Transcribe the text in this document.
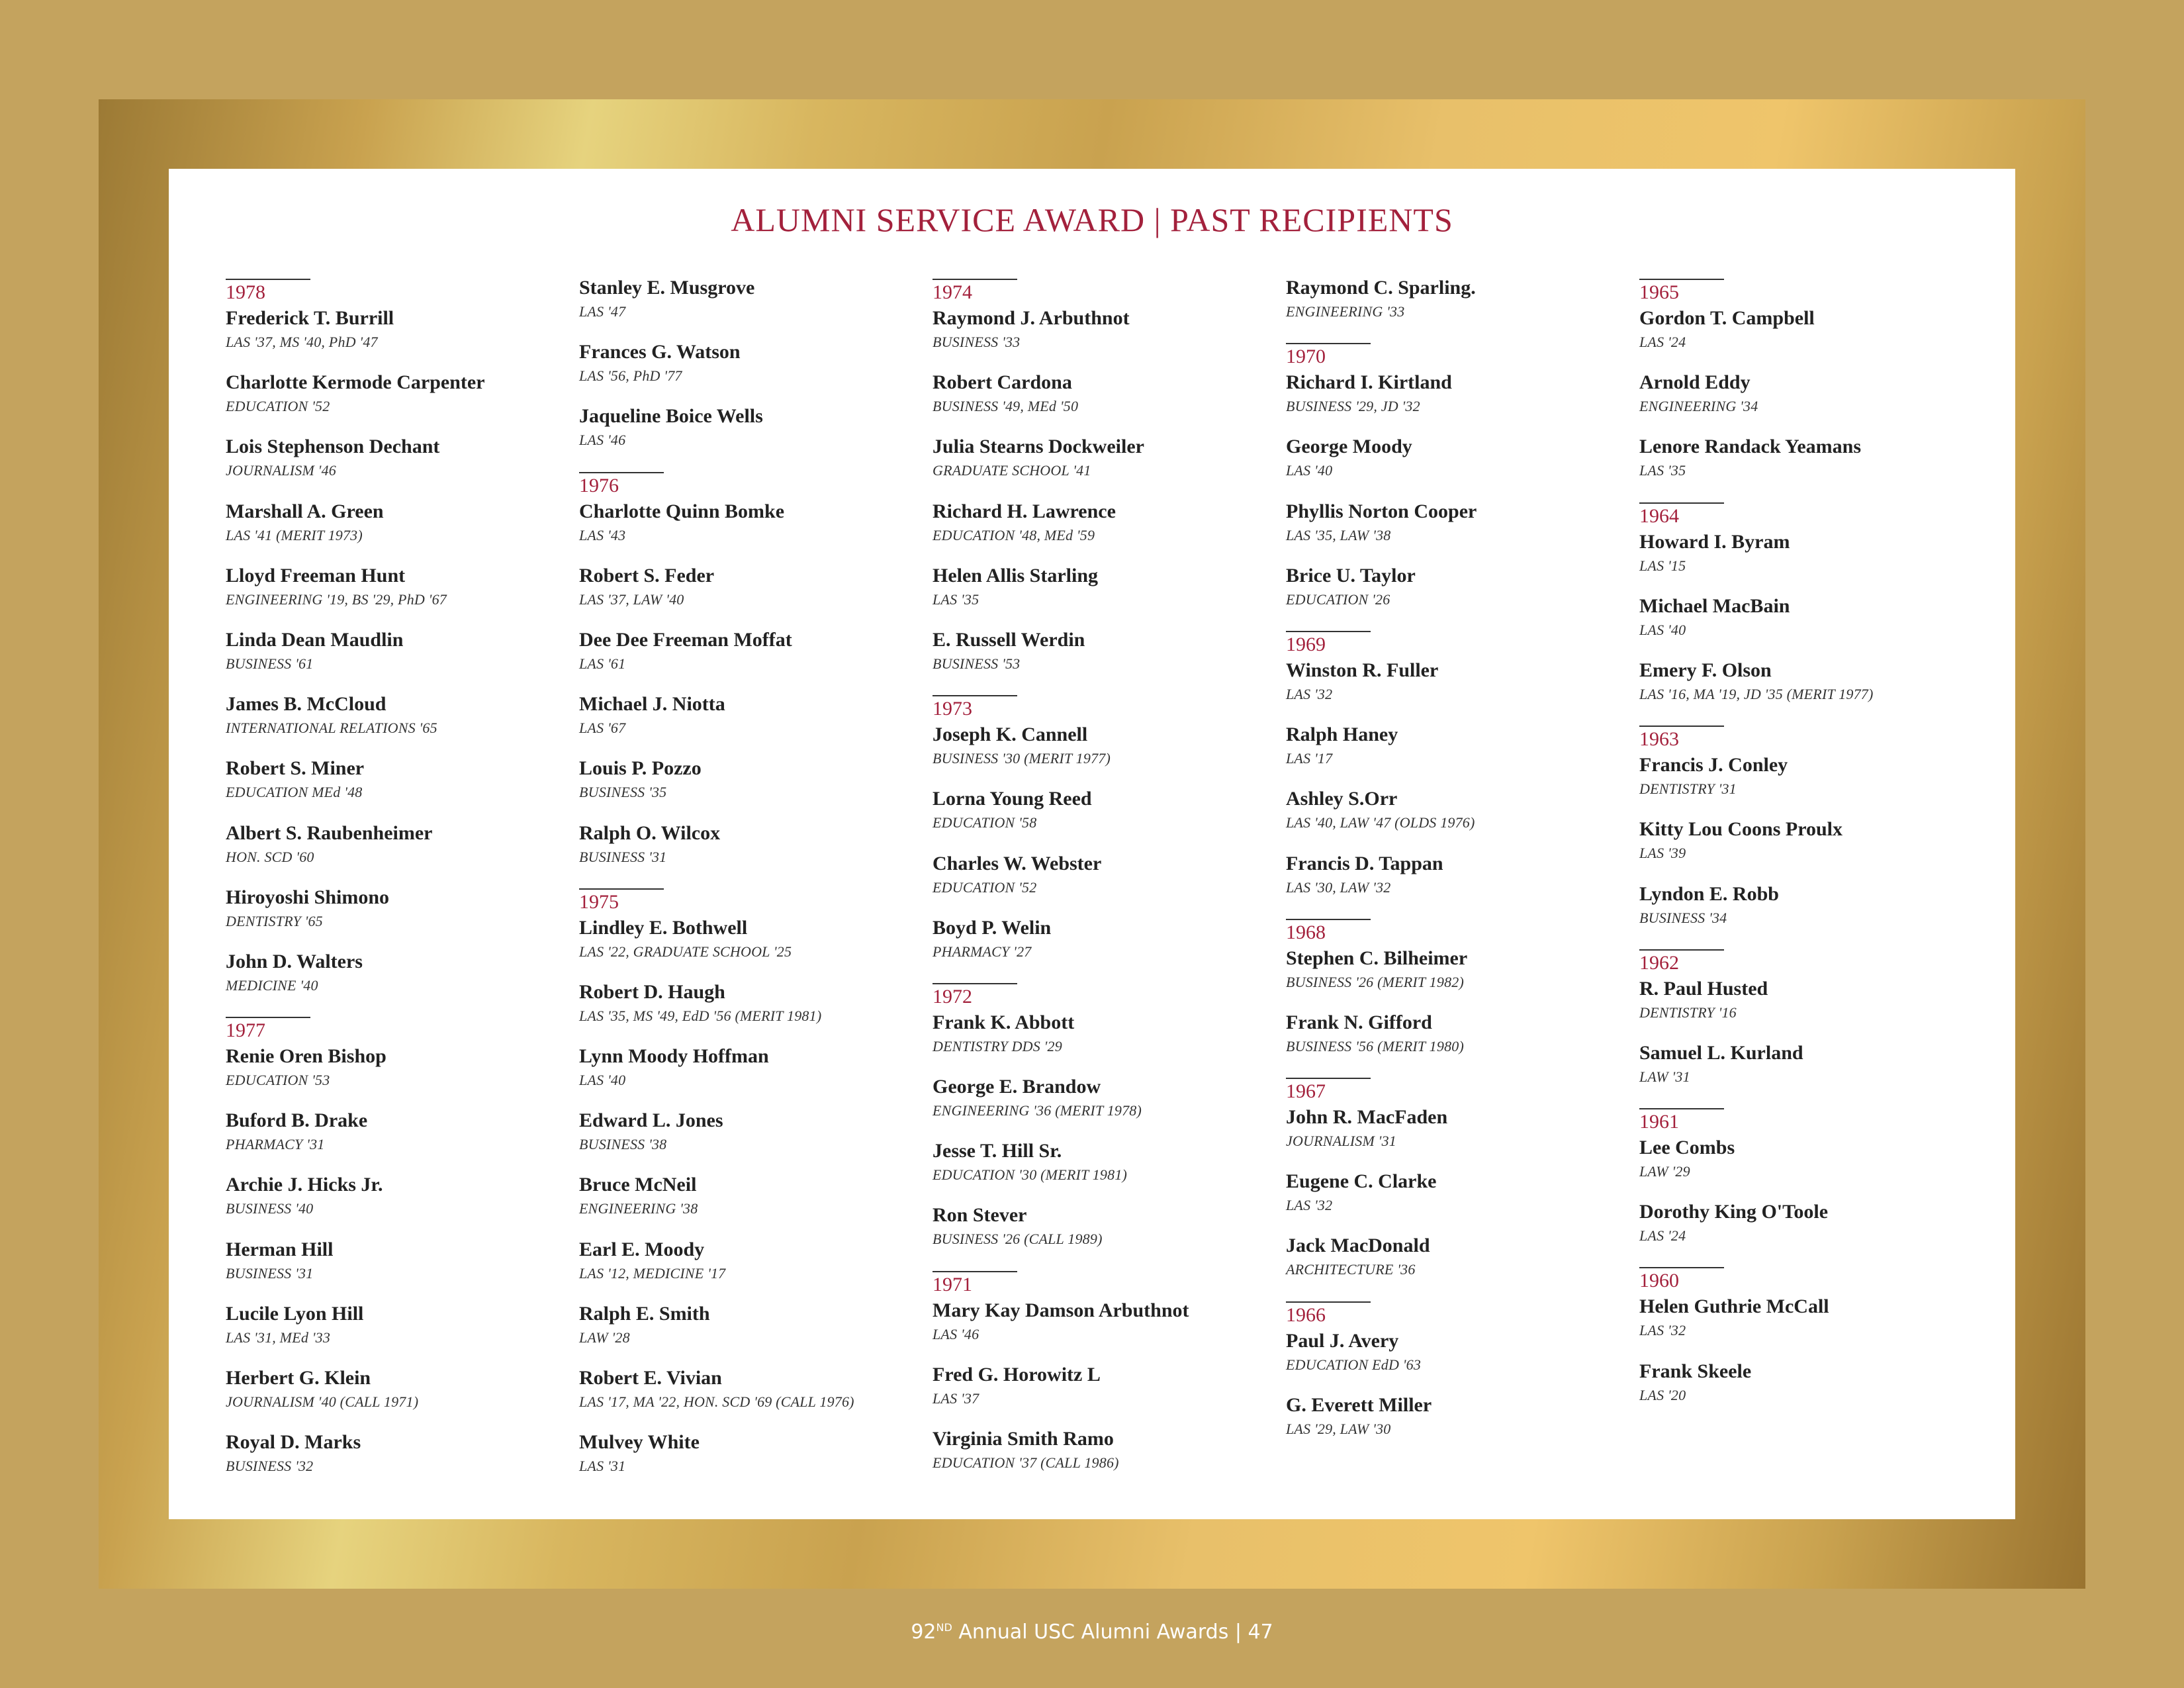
ALUMNI SERVICE AWARD | PAST RECIPIENTS
1978
Frederick T. Burrill
LAS '37, MS '40, PhD '47
Charlotte Kermode Carpenter
EDUCATION '52
Lois Stephenson Dechant
JOURNALISM '46
Marshall A. Green
LAS '41 (MERIT 1973)
Lloyd Freeman Hunt
ENGINEERING '19, BS '29, PhD '67
Linda Dean Maudlin
BUSINESS '61
James B. McCloud
INTERNATIONAL RELATIONS '65
Robert S. Miner
EDUCATION MEd '48
Albert S. Raubenheimer
HON. SCD '60
Hiroyoshi Shimono
DENTISTRY '65
John D. Walters
MEDICINE '40
1977
Renie Oren Bishop
EDUCATION '53
Buford B. Drake
PHARMACY '31
Archie J. Hicks Jr.
BUSINESS '40
Herman Hill
BUSINESS '31
Lucile Lyon Hill
LAS '31, MEd '33
Herbert G. Klein
JOURNALISM '40 (CALL 1971)
Royal D. Marks
BUSINESS '32
Stanley E. Musgrove
LAS '47
Frances G. Watson
LAS '56, PhD '77
Jaqueline Boice Wells
LAS '46
1976
Charlotte Quinn Bomke
LAS '43
Robert S. Feder
LAS '37, LAW '40
Dee Dee Freeman Moffat
LAS '61
Michael J. Niotta
LAS '67
Louis P. Pozzo
BUSINESS '35
Ralph O. Wilcox
BUSINESS '31
1975
Lindley E. Bothwell
LAS '22, GRADUATE SCHOOL '25
Robert D. Haugh
LAS '35, MS '49, EdD '56 (MERIT 1981)
Lynn Moody Hoffman
LAS '40
Edward L. Jones
BUSINESS '38
Bruce McNeil
ENGINEERING '38
Earl E. Moody
LAS '12, MEDICINE '17
Ralph E. Smith
LAW '28
Robert E. Vivian
LAS '17, MA '22, HON. SCD '69 (CALL 1976)
Mulvey White
LAS '31
1974
Raymond J. Arbuthnot
BUSINESS '33
Robert Cardona
BUSINESS '49, MEd '50
Julia Stearns Dockweiler
GRADUATE SCHOOL '41
Richard H. Lawrence
EDUCATION '48, MEd '59
Helen Allis Starling
LAS '35
E. Russell Werdin
BUSINESS '53
1973
Joseph K. Cannell
BUSINESS '30 (MERIT 1977)
Lorna Young Reed
EDUCATION '58
Charles W. Webster
EDUCATION '52
Boyd P. Welin
PHARMACY '27
1972
Frank K. Abbott
DENTISTRY DDS '29
George E. Brandow
ENGINEERING '36 (MERIT 1978)
Jesse T. Hill Sr.
EDUCATION '30 (MERIT 1981)
Ron Stever
BUSINESS '26 (CALL 1989)
1971
Mary Kay Damson Arbuthnot
LAS '46
Fred G. Horowitz L
LAS '37
Virginia Smith Ramo
EDUCATION '37 (CALL 1986)
Raymond C. Sparling.
ENGINEERING '33
1970
Richard I. Kirtland
BUSINESS '29, JD '32
George Moody
LAS '40
Phyllis Norton Cooper
LAS '35, LAW '38
Brice U. Taylor
EDUCATION '26
1969
Winston R. Fuller
LAS '32
Ralph Haney
LAS '17
Ashley S.Orr
LAS '40, LAW '47 (OLDS 1976)
Francis D. Tappan
LAS '30, LAW '32
1968
Stephen C. Bilheimer
BUSINESS '26 (MERIT 1982)
Frank N. Gifford
BUSINESS '56 (MERIT 1980)
1967
John R. MacFaden
JOURNALISM '31
Eugene C. Clarke
LAS '32
Jack MacDonald
ARCHITECTURE '36
1966
Paul J. Avery
EDUCATION EdD '63
G. Everett Miller
LAS '29, LAW '30
1965
Gordon T. Campbell
LAS '24
Arnold Eddy
ENGINEERING '34
Lenore Randack Yeamans
LAS '35
1964
Howard I. Byram
LAS '15
Michael MacBain
LAS '40
Emery F. Olson
LAS '16, MA '19, JD '35 (MERIT 1977)
1963
Francis J. Conley
DENTISTRY '31
Kitty Lou Coons Proulx
LAS '39
Lyndon E. Robb
BUSINESS '34
1962
R. Paul Husted
DENTISTRY '16
Samuel L. Kurland
LAW '31
1961
Lee Combs
LAW '29
Dorothy King O'Toole
LAS '24
1960
Helen Guthrie McCall
LAS '32
Frank Skeele
LAS '20
92ND Annual USC Alumni Awards | 47
